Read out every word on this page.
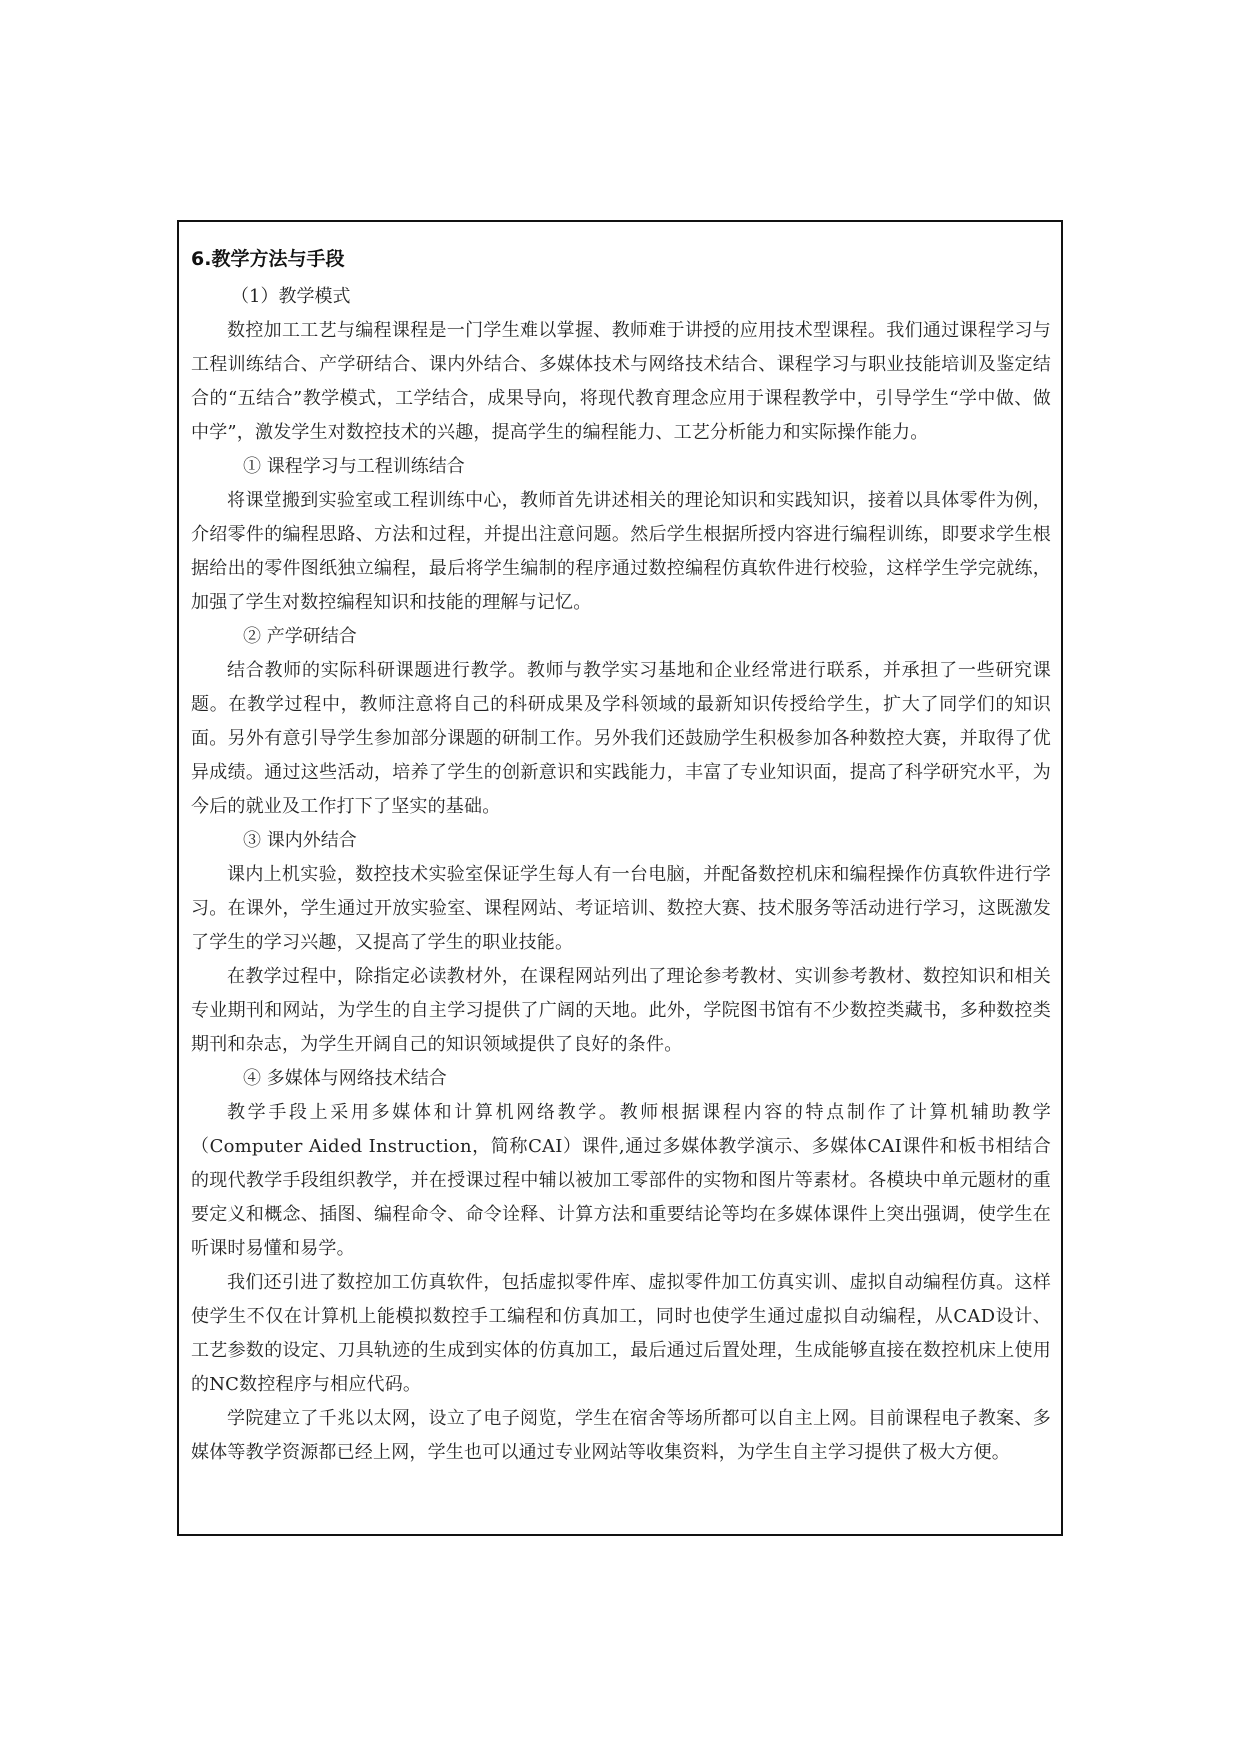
6.教学方法与手段
（1）教学模式

数控加工工艺与编程课程是一门学生难以掌握、教师难于讲授的应用技术型课程。我们通过课程学习与工程训练结合、产学研结合、课内外结合、多媒体技术与网络技术结合、课程学习与职业技能培训及鉴定结合的“五结合”教学模式，工学结合，成果导向，将现代教育理念应用于课程教学中，引导学生“学中做、做中学”，激发学生对数控技术的兴趣，提高学生的编程能力、工艺分析能力和实际操作能力。

① 课程学习与工程训练结合

将课堂搬到实验室或工程训练中心，教师首先讲述相关的理论知识和实践知识，接着以具体零件为例，介绍零件的编程思路、方法和过程，并提出注意问题。然后学生根据所授内容进行编程训练，即要求学生根据给出的零件图纸独立编程，最后将学生编制的程序通过数控编程仿真软件进行校验，这样学生学完就练，加强了学生对数控编程知识和技能的理解与记忆。

② 产学研结合

结合教师的实际科研课题进行教学。教师与教学实习基地和企业经常进行联系，并承担了一些研究课题。在教学过程中，教师注意将自己的科研成果及学科领域的最新知识传授给学生，扩大了同学们的知识面。另外有意引导学生参加部分课题的研制工作。另外我们还鼓励学生积极参加各种数控大赛，并取得了优异成绩。通过这些活动，培养了学生的创新意识和实践能力，丰富了专业知识面，提高了科学研究水平，为今后的就业及工作打下了坚实的基础。

③ 课内外结合

课内上机实验，数控技术实验室保证学生每人有一台电脑，并配备数控机床和编程操作仿真软件进行学习。在课外，学生通过开放实验室、课程网站、考证培训、数控大赛、技术服务等活动进行学习，这既激发了学生的学习兴趣，又提高了学生的职业技能。

在教学过程中，除指定必读教材外，在课程网站列出了理论参考教材、实训参考教材、数控知识和相关专业期刊和网站，为学生的自主学习提供了广阔的天地。此外，学院图书馆有不少数控类藏书，多种数控类期刊和杂志，为学生开阔自己的知识领域提供了良好的条件。

④ 多媒体与网络技术结合

教学手段上采用多媒体和计算机网络教学。教师根据课程内容的特点制作了计算机辅助教学（Computer Aided Instruction，简称CAI）课件,通过多媒体教学演示、多媒体CAI课件和板书相结合的现代教学手段组织教学，并在授课过程中辅以被加工零部件的实物和图片等素材。各模块中单元题材的重要定义和概念、插图、编程命令、命令诠释、计算方法和重要结论等均在多媒体课件上突出强调，使学生在听课时易懂和易学。

我们还引进了数控加工仿真软件，包括虚拟零件库、虚拟零件加工仿真实训、虚拟自动编程仿真。这样使学生不仅在计算机上能模拟数控手工编程和仿真加工，同时也使学生通过虚拟自动编程，从CAD设计、工艺参数的设定、刀具轨迹的生成到实体的仿真加工，最后通过后置处理，生成能够直接在数控机床上使用的NC数控程序与相应代码。

学院建立了千兆以太网，设立了电子阅览，学生在宿舍等场所都可以自主上网。目前课程电子教案、多媒体等教学资源都已经上网，学生也可以通过专业网站等收集资料，为学生自主学习提供了极大方便。
